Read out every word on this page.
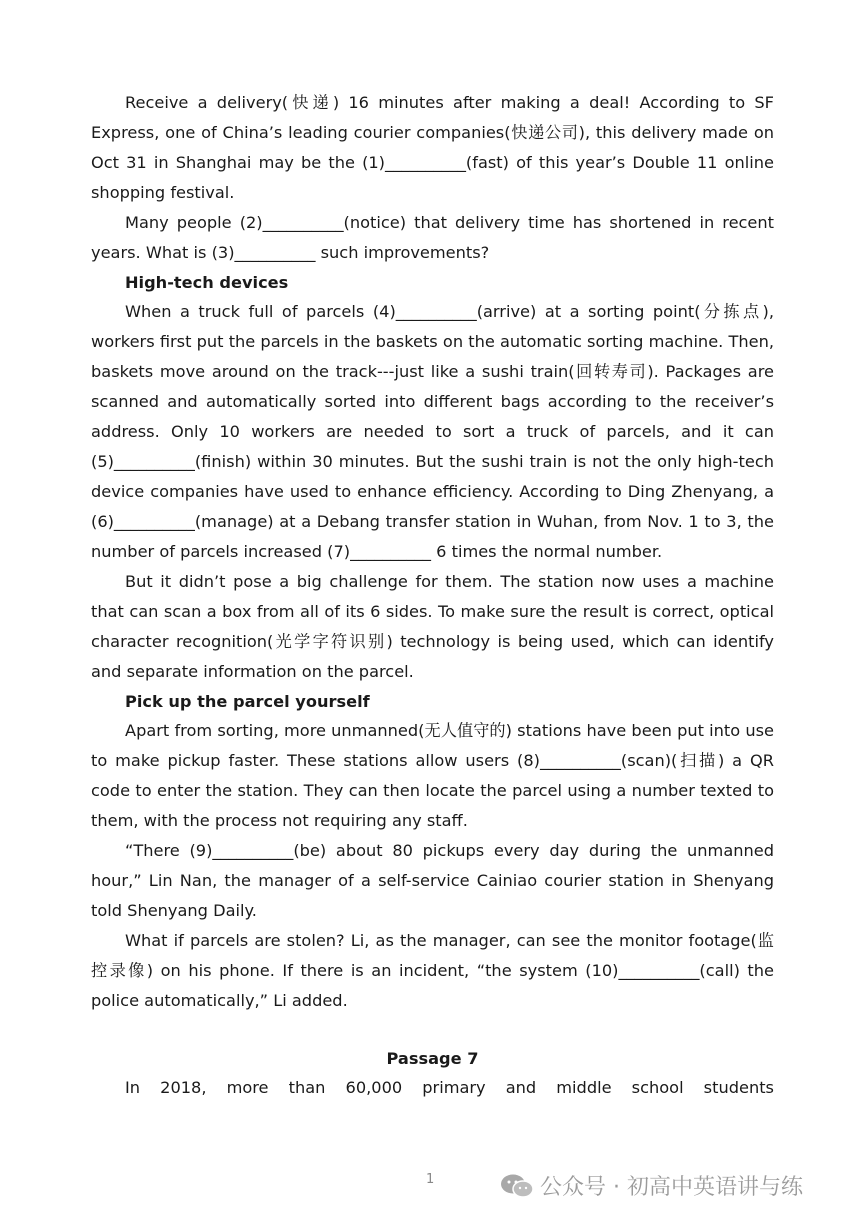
Receive a delivery(快递) 16 minutes after making a deal! According to SF Express, one of China’s leading courier companies(快递公司), this delivery made on Oct 31 in Shanghai may be the (1)__________(fast) of this year’s Double 11 online shopping festival.

Many people (2)__________(notice) that delivery time has shortened in recent years. What is (3)__________ such improvements?

High-tech devices

When a truck full of parcels (4)__________(arrive) at a sorting point(分拣点), workers first put the parcels in the baskets on the automatic sorting machine. Then, baskets move around on the track---just like a sushi train(回转寿司). Packages are scanned and automatically sorted into different bags according to the receiver’s address. Only 10 workers are needed to sort a truck of parcels, and it can (5)__________(finish) within 30 minutes. But the sushi train is not the only high-tech device companies have used to enhance efficiency. According to Ding Zhenyang, a (6)__________(manage) at a Debang transfer station in Wuhan, from Nov. 1 to 3, the number of parcels increased (7)__________ 6 times the normal number.

But it didn’t pose a big challenge for them. The station now uses a machine that can scan a box from all of its 6 sides. To make sure the result is correct, optical character recognition(光学字符识别) technology is being used, which can identify and separate information on the parcel.

Pick up the parcel yourself

Apart from sorting, more unmanned(无人值守的) stations have been put into use to make pickup faster. These stations allow users (8)__________(scan)(扫描) a QR code to enter the station. They can then locate the parcel using a number texted to them, with the process not requiring any staff.

“There (9)__________(be) about 80 pickups every day during the unmanned hour,” Lin Nan, the manager of a self-service Cainiao courier station in Shenyang told Shenyang Daily.

What if parcels are stolen? Li, as the manager, can see the monitor footage(监控录像) on his phone. If there is an incident, “the system (10)__________(call) the police automatically,” Li added.

Passage 7

In 2018, more than 60,000 primary and middle school students

1	公众号 · 初高中英语讲与练
